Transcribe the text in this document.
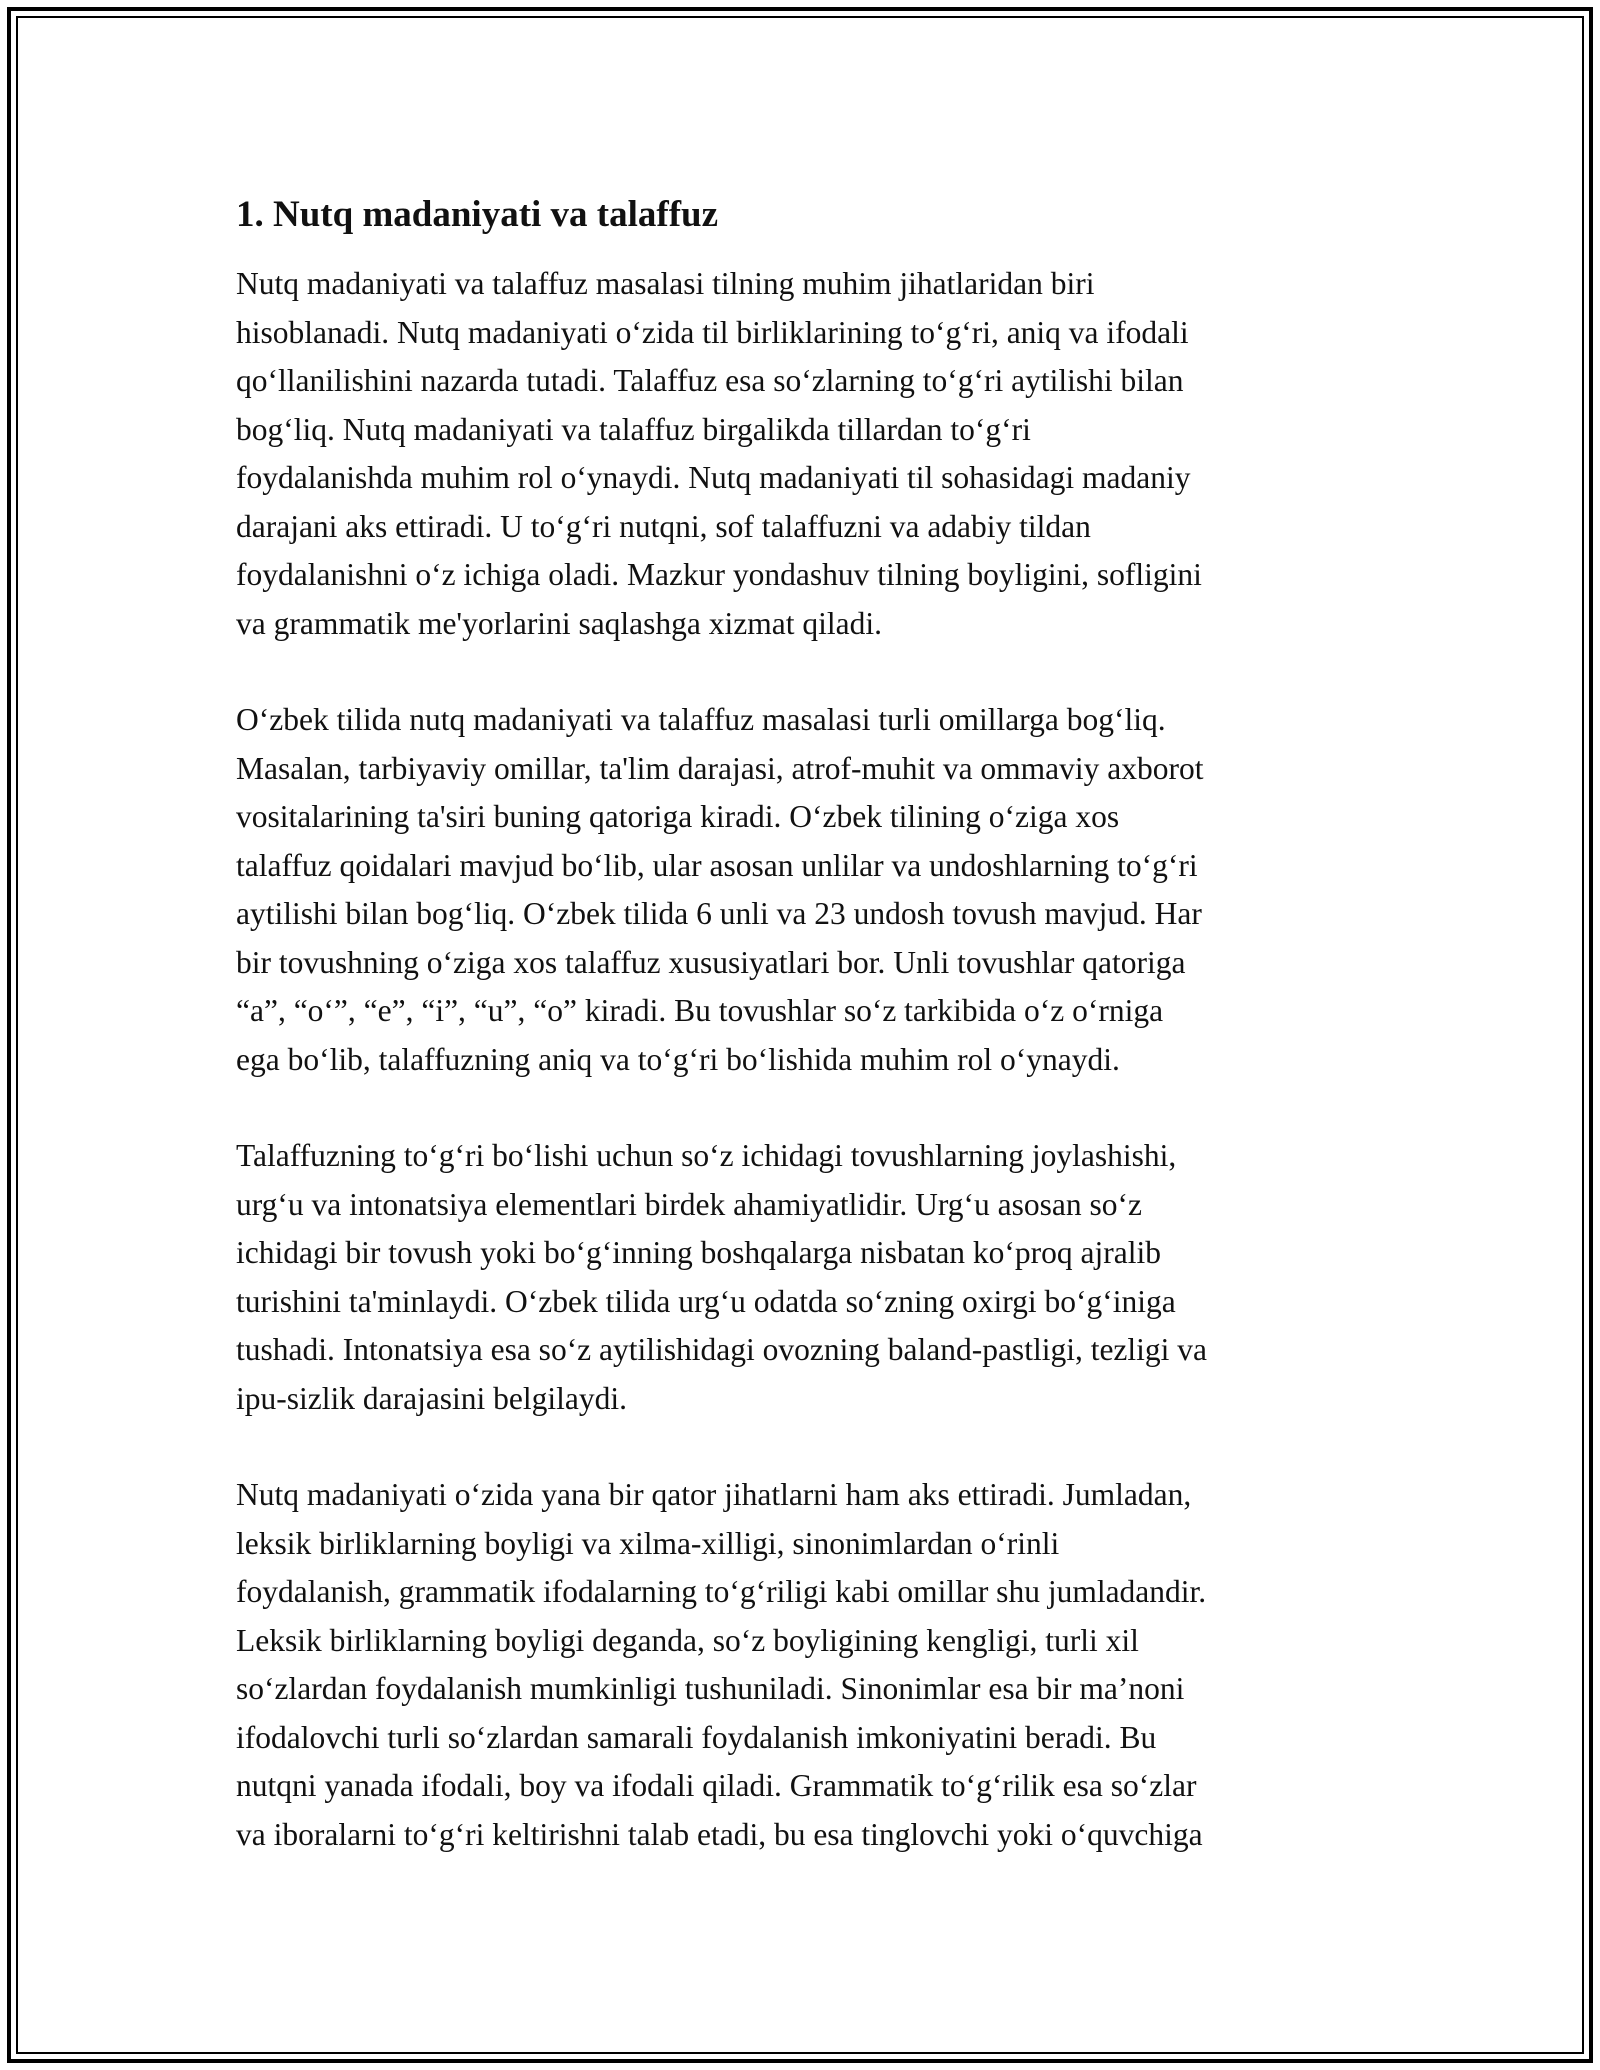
1. Nutq madaniyati va talaffuz

Nutq madaniyati va talaffuz masalasi tilning muhim jihatlaridan biri
hisoblanadi. Nutq madaniyati oʻzida til birliklarining toʻgʻri, aniq va ifodali
qoʻllanilishini nazarda tutadi. Talaffuz esa soʻzlarning toʻgʻri aytilishi bilan
bogʻliq. Nutq madaniyati va talaffuz birgalikda tillardan toʻgʻri
foydalanishda muhim rol oʻynaydi. Nutq madaniyati til sohasidagi madaniy
darajani aks ettiradi. U toʻgʻri nutqni, sof talaffuzni va adabiy tildan
foydalanishni oʻz ichiga oladi. Mazkur yondashuv tilning boyligini, sofligini
va grammatik me'yorlarini saqlashga xizmat qiladi.

Oʻzbek tilida nutq madaniyati va talaffuz masalasi turli omillarga bogʻliq.
Masalan, tarbiyaviy omillar, ta'lim darajasi, atrof-muhit va ommaviy axborot
vositalarining ta'siri buning qatoriga kiradi. Oʻzbek tilining oʻziga xos
talaffuz qoidalari mavjud boʻlib, ular asosan unlilar va undoshlarning toʻgʻri
aytilishi bilan bogʻliq. Oʻzbek tilida 6 unli va 23 undosh tovush mavjud. Har
bir tovushning oʻziga xos talaffuz xususiyatlari bor. Unli tovushlar qatoriga
“a”, “oʻ”, “e”, “i”, “u”, “o” kiradi. Bu tovushlar soʻz tarkibida oʻz oʻrniga
ega boʻlib, talaffuzning aniq va toʻgʻri boʻlishida muhim rol oʻynaydi.

Talaffuzning toʻgʻri boʻlishi uchun soʻz ichidagi tovushlarning joylashishi,
urgʻu va intonatsiya elementlari birdek ahamiyatlidir. Urgʻu asosan soʻz
ichidagi bir tovush yoki boʻgʻinning boshqalarga nisbatan koʻproq ajralib
turishini ta'minlaydi. Oʻzbek tilida urgʻu odatda soʻzning oxirgi boʻgʻiniga
tushadi. Intonatsiya esa soʻz aytilishidagi ovozning baland-pastligi, tezligi va
ipu-sizlik darajasini belgilaydi.

Nutq madaniyati oʻzida yana bir qator jihatlarni ham aks ettiradi. Jumladan,
leksik birliklarning boyligi va xilma-xilligi, sinonimlardan oʻrinli
foydalanish, grammatik ifodalarning toʻgʻriligi kabi omillar shu jumladandir.
Leksik birliklarning boyligi deganda, soʻz boyligining kengligi, turli xil
soʻzlardan foydalanish mumkinligi tushuniladi. Sinonimlar esa bir ma’noni
ifodalovchi turli soʻzlardan samarali foydalanish imkoniyatini beradi. Bu
nutqni yanada ifodali, boy va ifodali qiladi. Grammatik toʻgʻrilik esa soʻzlar
va iboralarni toʻgʻri keltirishni talab etadi, bu esa tinglovchi yoki oʻquvchiga
